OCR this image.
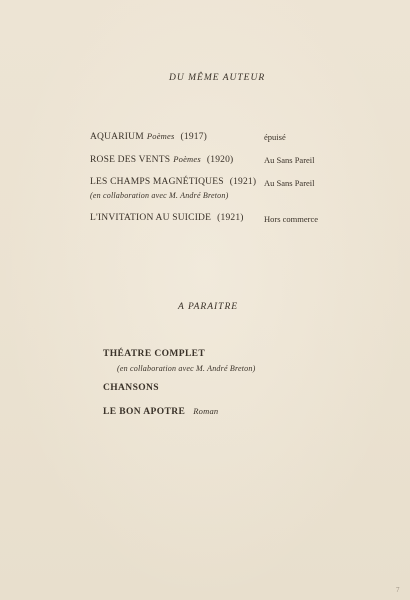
DU MÊME AUTEUR
AQUARIUM Poèmes (1917)	épuisé
ROSE DES VENTS Poèmes (1920)	Au Sans Pareil
LES CHAMPS MAGNÉTIQUES (1921) Au Sans Pareil
(en collaboration avec M. André Breton)
L'INVITATION AU SUICIDE (1921) Hors commerce
A PARAITRE
THÉATRE COMPLET
(en collaboration avec M. André Breton)
CHANSONS
LE BON APOTRE Roman
7
